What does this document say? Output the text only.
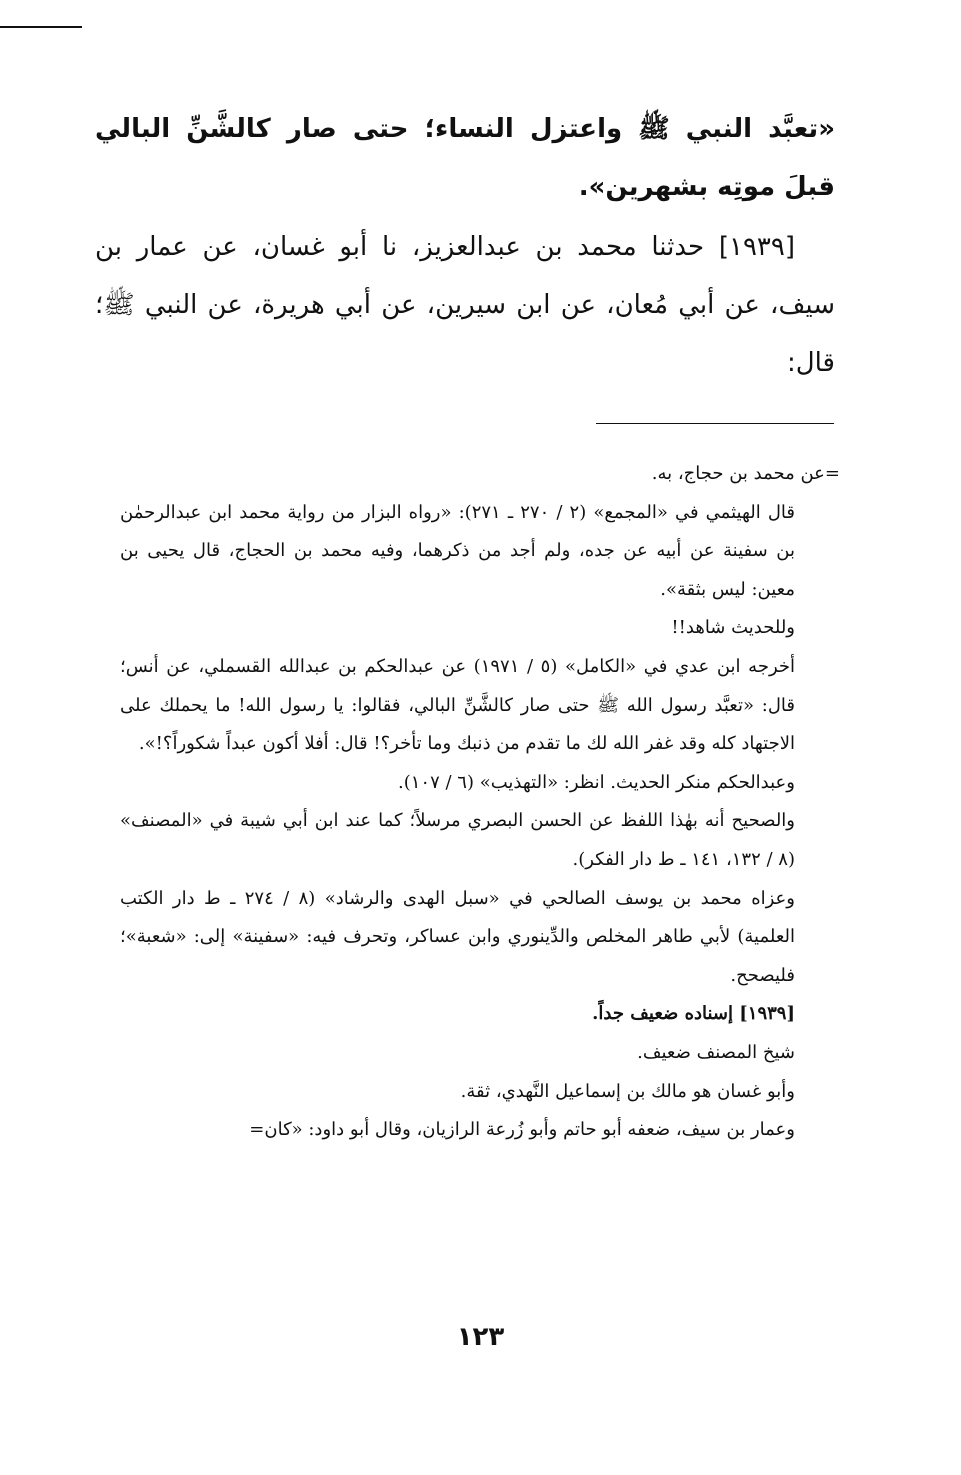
«تعبَّد النبي ﷺ واعتزل النساء؛ حتى صار كالشَّنِّ البالي قبلَ موتِه بشهرين».

[١٩٣٩] حدثنا محمد بن عبدالعزيز، نا أبو غسان، عن عمار بن سيف، عن أبي مُعان، عن ابن سيرين، عن أبي هريرة، عن النبي ﷺ؛ قال:

=عن محمد بن حجاج، به.

قال الهيثمي في «المجمع» (٢ / ٢٧٠ ـ ٢٧١): «رواه البزار من رواية محمد ابن عبدالرحمٰن بن سفينة عن أبيه عن جده، ولم أجد من ذكرهما، وفيه محمد بن الحجاج، قال يحيى بن معين: ليس بثقة».

وللحديث شاهد!!

أخرجه ابن عدي في «الكامل» (٥ / ١٩٧١) عن عبدالحكم بن عبدالله القسملي، عن أنس؛ قال: «تعبَّد رسول الله ﷺ حتى صار كالشَّنِّ البالي، فقالوا: يا رسول الله! ما يحملك على الاجتهاد كله وقد غفر الله لك ما تقدم من ذنبك وما تأخر؟! قال: أفلا أكون عبداً شكوراً؟!».

وعبدالحكم منكر الحديث. انظر: «التهذيب» (٦ / ١٠٧).

والصحيح أنه بهٰذا اللفظ عن الحسن البصري مرسلاً؛ كما عند ابن أبي شيبة في «المصنف» (٨ / ١٣٢، ١٤١ ـ ط دار الفكر).

وعزاه محمد بن يوسف الصالحي في «سبل الهدى والرشاد» (٨ / ٢٧٤ ـ ط دار الكتب العلمية) لأبي طاهر المخلص والدِّينوري وابن عساكر، وتحرف فيه: «سفينة» إلى: «شعبة»؛ فليصحح.

[١٩٣٩] إسناده ضعيف جداً.

شيخ المصنف ضعيف.

وأبو غسان هو مالك بن إسماعيل النَّهدي، ثقة.

وعمار بن سيف، ضعفه أبو حاتم وأبو زُرعة الرازيان، وقال أبو داود: «كان=

١٢٣
